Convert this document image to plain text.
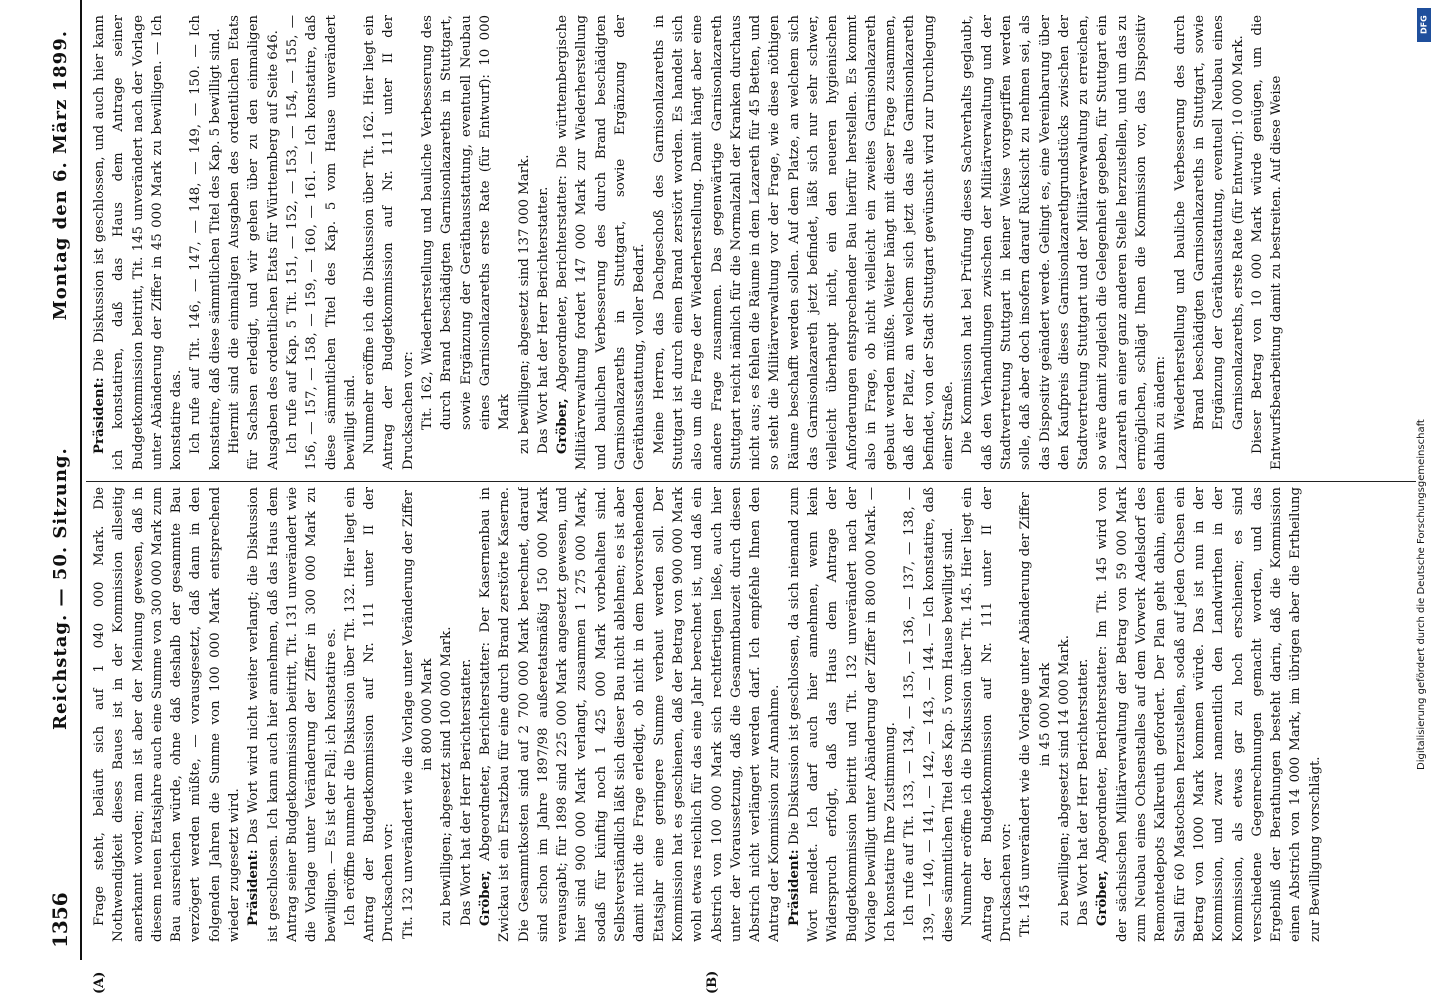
1356
Reichstag. — 50. Sitzung.
Montag den 6. März 1899.
(A)	(B)

Frage steht, beläuft sich auf 1 040 000 Mark. Die Nothwendigkeit dieses Baues ist in der Kommission allseitig anerkannt worden; man ist aber der Meinung gewesen, daß in diesem neuen Etatsjahre auch eine Summe von 300 000 Mark zum Bau ausreichen würde, ohne daß deshalb der gesammte Bau verzögert werden müßte, — vorausgesetzt, daß dann in den folgenden Jahren die Summe von 100 000 Mark entsprechend wieder zugesetzt wird. Präsident: Das Wort wird nicht weiter verlangt; die Diskussion ist geschlossen. Ich kann auch hier annehmen, daß das Haus dem Antrag seiner Budgetkommission beitritt, Tit. 131 unverändert wie die Vorlage unter Veränderung der Ziffer in 300 000 Mark zu bewilligen. — Es ist der Fall; ich konstatire es. Ich eröffne nunmehr die Diskussion über Tit. 132. Hier liegt ein Antrag der Budgetkommission auf Nr. 111 unter II der Drucksachen vor: Tit. 132 unverändert wie die Vorlage unter Veränderung der Ziffer in 800 000 Mark zu bewilligen; abgesetzt sind 100 000 Mark. Das Wort hat der Herr Berichterstatter. Gröber, Abgeordneter, Berichterstatter: Der Kasernenbau in Zwickau ist ein Ersatzbau für eine durch Brand zerstörte Kaserne. Die Gesammtkosten sind auf 2 700 000 Mark berechnet, darauf sind schon im Jahre 1897/98 außeretatsmäßig 150 000 Mark verausgabt; für 1898 sind 225 000 Mark angesetzt gewesen, und hier sind 900 000 Mark verlangt, zusammen 1 275 000 Mark, sodaß für künftig noch 1 425 000 Mark vorbehalten sind. Selbstverständlich läßt sich dieser Bau nicht ablehnen; es ist aber damit nicht die Frage erledigt, ob nicht in dem bevorstehenden Etatsjahr eine geringere Summe verbaut werden soll. Der Kommission hat es geschienen, daß der Betrag von 900 000 Mark wohl etwas reichlich für das eine Jahr berechnet ist, und daß ein Abstrich von 100 000 Mark sich rechtfertigen ließe, auch hier unter der Voraussetzung, daß die Gesammtbauzeit durch diesen Abstrich nicht verlängert werden darf. Ich empfehle Ihnen den Antrag der Kommission zur Annahme. Präsident: Die Diskussion ist geschlossen, da sich niemand zum Wort meldet. Ich darf auch hier annehmen, wenn kein Widerspruch erfolgt, daß das Haus dem Antrage der Budgetkommission beitritt und Tit. 132 unverändert nach der Vorlage bewilligt unter Abänderung der Ziffer in 800 000 Mark. — Ich konstatire Ihre Zustimmung. Ich rufe auf Tit. 133, — 134, — 135, — 136, — 137, — 138, — 139, — 140, — 141, — 142, — 143, — 144. — Ich konstatire, daß diese sämmtlichen Titel des Kap. 5 vom Hause bewilligt sind. Nunmehr eröffne ich die Diskussion über Tit. 145. Hier liegt ein Antrag der Budgetkommission auf Nr. 111 unter II der Drucksachen vor: Tit. 145 unverändert wie die Vorlage unter Abänderung der Ziffer in 45 000 Mark zu bewilligen; abgesetzt sind 14 000 Mark. Das Wort hat der Herr Berichterstatter. Gröber, Abgeordneter, Berichterstatter: Im Tit. 145 wird von der sächsischen Militärverwaltung der Betrag von 59 000 Mark zum Neubau eines Ochsenstalles auf dem Vorwerk Adelsdorf des Remontedepots Kalkreuth gefordert. Der Plan geht dahin, einen Stall für 60 Mastochsen herzustellen, sodaß auf jeden Ochsen ein Betrag von 1000 Mark kommen würde. Das ist nun in der Kommission, und zwar namentlich den Landwirthen in der Kommission, als etwas gar zu hoch erschienen; es sind verschiedene Gegenrechnungen gemacht worden, und das Ergebniß der Berathungen besteht darin, daß die Kommission einen Abstrich von 14 000 Mark, im übrigen aber die Ertheilung zur Bewilligung vorschlägt.

Präsident: Die Diskussion ist geschlossen, und auch hier kann ich konstatiren, daß das Haus dem Antrage seiner Budgetkommission beitritt, Tit. 145 unverändert nach der Vorlage unter Abänderung der Ziffer in 45 000 Mark zu bewilligen. — Ich konstatire das. Ich rufe auf Tit. 146, — 147, — 148, — 149, — 150. — Ich konstatire, daß diese sämmtlichen Titel des Kap. 5 bewilligt sind. Hiermit sind die einmaligen Ausgaben des ordentlichen Etats für Sachsen erledigt, und wir gehen über zu den einmaligen Ausgaben des ordentlichen Etats für Württemberg auf Seite 646. Ich rufe auf Kap. 5 Tit. 151, — 152, — 153, — 154, — 155, — 156, — 157, — 158, — 159, — 160, — 161. — Ich konstatire, daß diese sämmtlichen Titel des Kap. 5 vom Hause unverändert bewilligt sind. Nunmehr eröffne ich die Diskussion über Tit. 162. Hier liegt ein Antrag der Budgetkommission auf Nr. 111 unter II der Drucksachen vor: Tit. 162, Wiederherstellung und bauliche Verbesserung des durch Brand beschädigten Garnisonlazareths in Stuttgart, sowie Ergänzung der Geräthausstattung, eventuell Neubau eines Garnisonlazareths erste Rate (für Entwurf): 10 000 Mark zu bewilligen; abgesetzt sind 137 000 Mark. Das Wort hat der Herr Berichterstatter. Gröber, Abgeordneter, Berichterstatter: Die württembergische Militärverwaltung fordert 147 000 Mark zur Wiederherstellung und baulichen Verbesserung des durch Brand beschädigten Garnisonlazareths in Stuttgart, sowie Ergänzung der Geräthausstattung, voller Bedarf. Meine Herren, das Dachgeschoß des Garnisonlazareths in Stuttgart ist durch einen Brand zerstört worden. Es handelt sich also um die Frage der Wiederherstellung. Damit hängt aber eine andere Frage zusammen. Das gegenwärtige Garnisonlazareth Stuttgart reicht nämlich für die Normalzahl der Kranken durchaus nicht aus; es fehlen die Räume in dem Lazareth für 45 Betten, und so steht die Militärverwaltung vor der Frage, wie diese nöthigen Räume beschafft werden sollen. Auf dem Platze, an welchem sich das Garnisonlazareth jetzt befindet, läßt sich nur sehr schwer, vielleicht überhaupt nicht, ein den neueren hygienischen Anforderungen entsprechender Bau hierfür herstellen. Es kommt also in Frage, ob nicht vielleicht ein zweites Garnisonlazareth gebaut werden müßte. Weiter hängt mit dieser Frage zusammen, daß der Platz, an welchem sich jetzt das alte Garnisonlazareth befindet, von der Stadt Stuttgart gewünscht wird zur Durchlegung einer Straße. Die Kommission hat bei Prüfung dieses Sachverhalts geglaubt, daß den Verhandlungen zwischen der Militärverwaltung und der Stadtvertretung Stuttgart in keiner Weise vorgegriffen werden solle, daß aber doch insofern darauf Rücksicht zu nehmen sei, als das Dispositiv geändert werde. Gelingt es, eine Vereinbarung über den Kaufpreis dieses Garnisonlazarethgrundstücks zwischen der Stadtvertretung Stuttgart und der Militärverwaltung zu erreichen, so wäre damit zugleich die Gelegenheit gegeben, für Stuttgart ein Lazareth an einer ganz anderen Stelle herzustellen, und um das zu ermöglichen, schlägt Ihnen die Kommission vor, das Dispositiv dahin zu ändern: Wiederherstellung und bauliche Verbesserung des durch Brand beschädigten Garnisonlazareths in Stuttgart, sowie Ergänzung der Geräthausstattung, eventuell Neubau eines Garnisonlazareths, erste Rate (für Entwurf): 10 000 Mark. Dieser Betrag von 10 000 Mark würde genügen, um die Entwurfsbearbeitung damit zu bestreiten. Auf diese Weise

Digitalisierung gefördert durch die Deutsche Forschungsgemeinschaft
DFG
